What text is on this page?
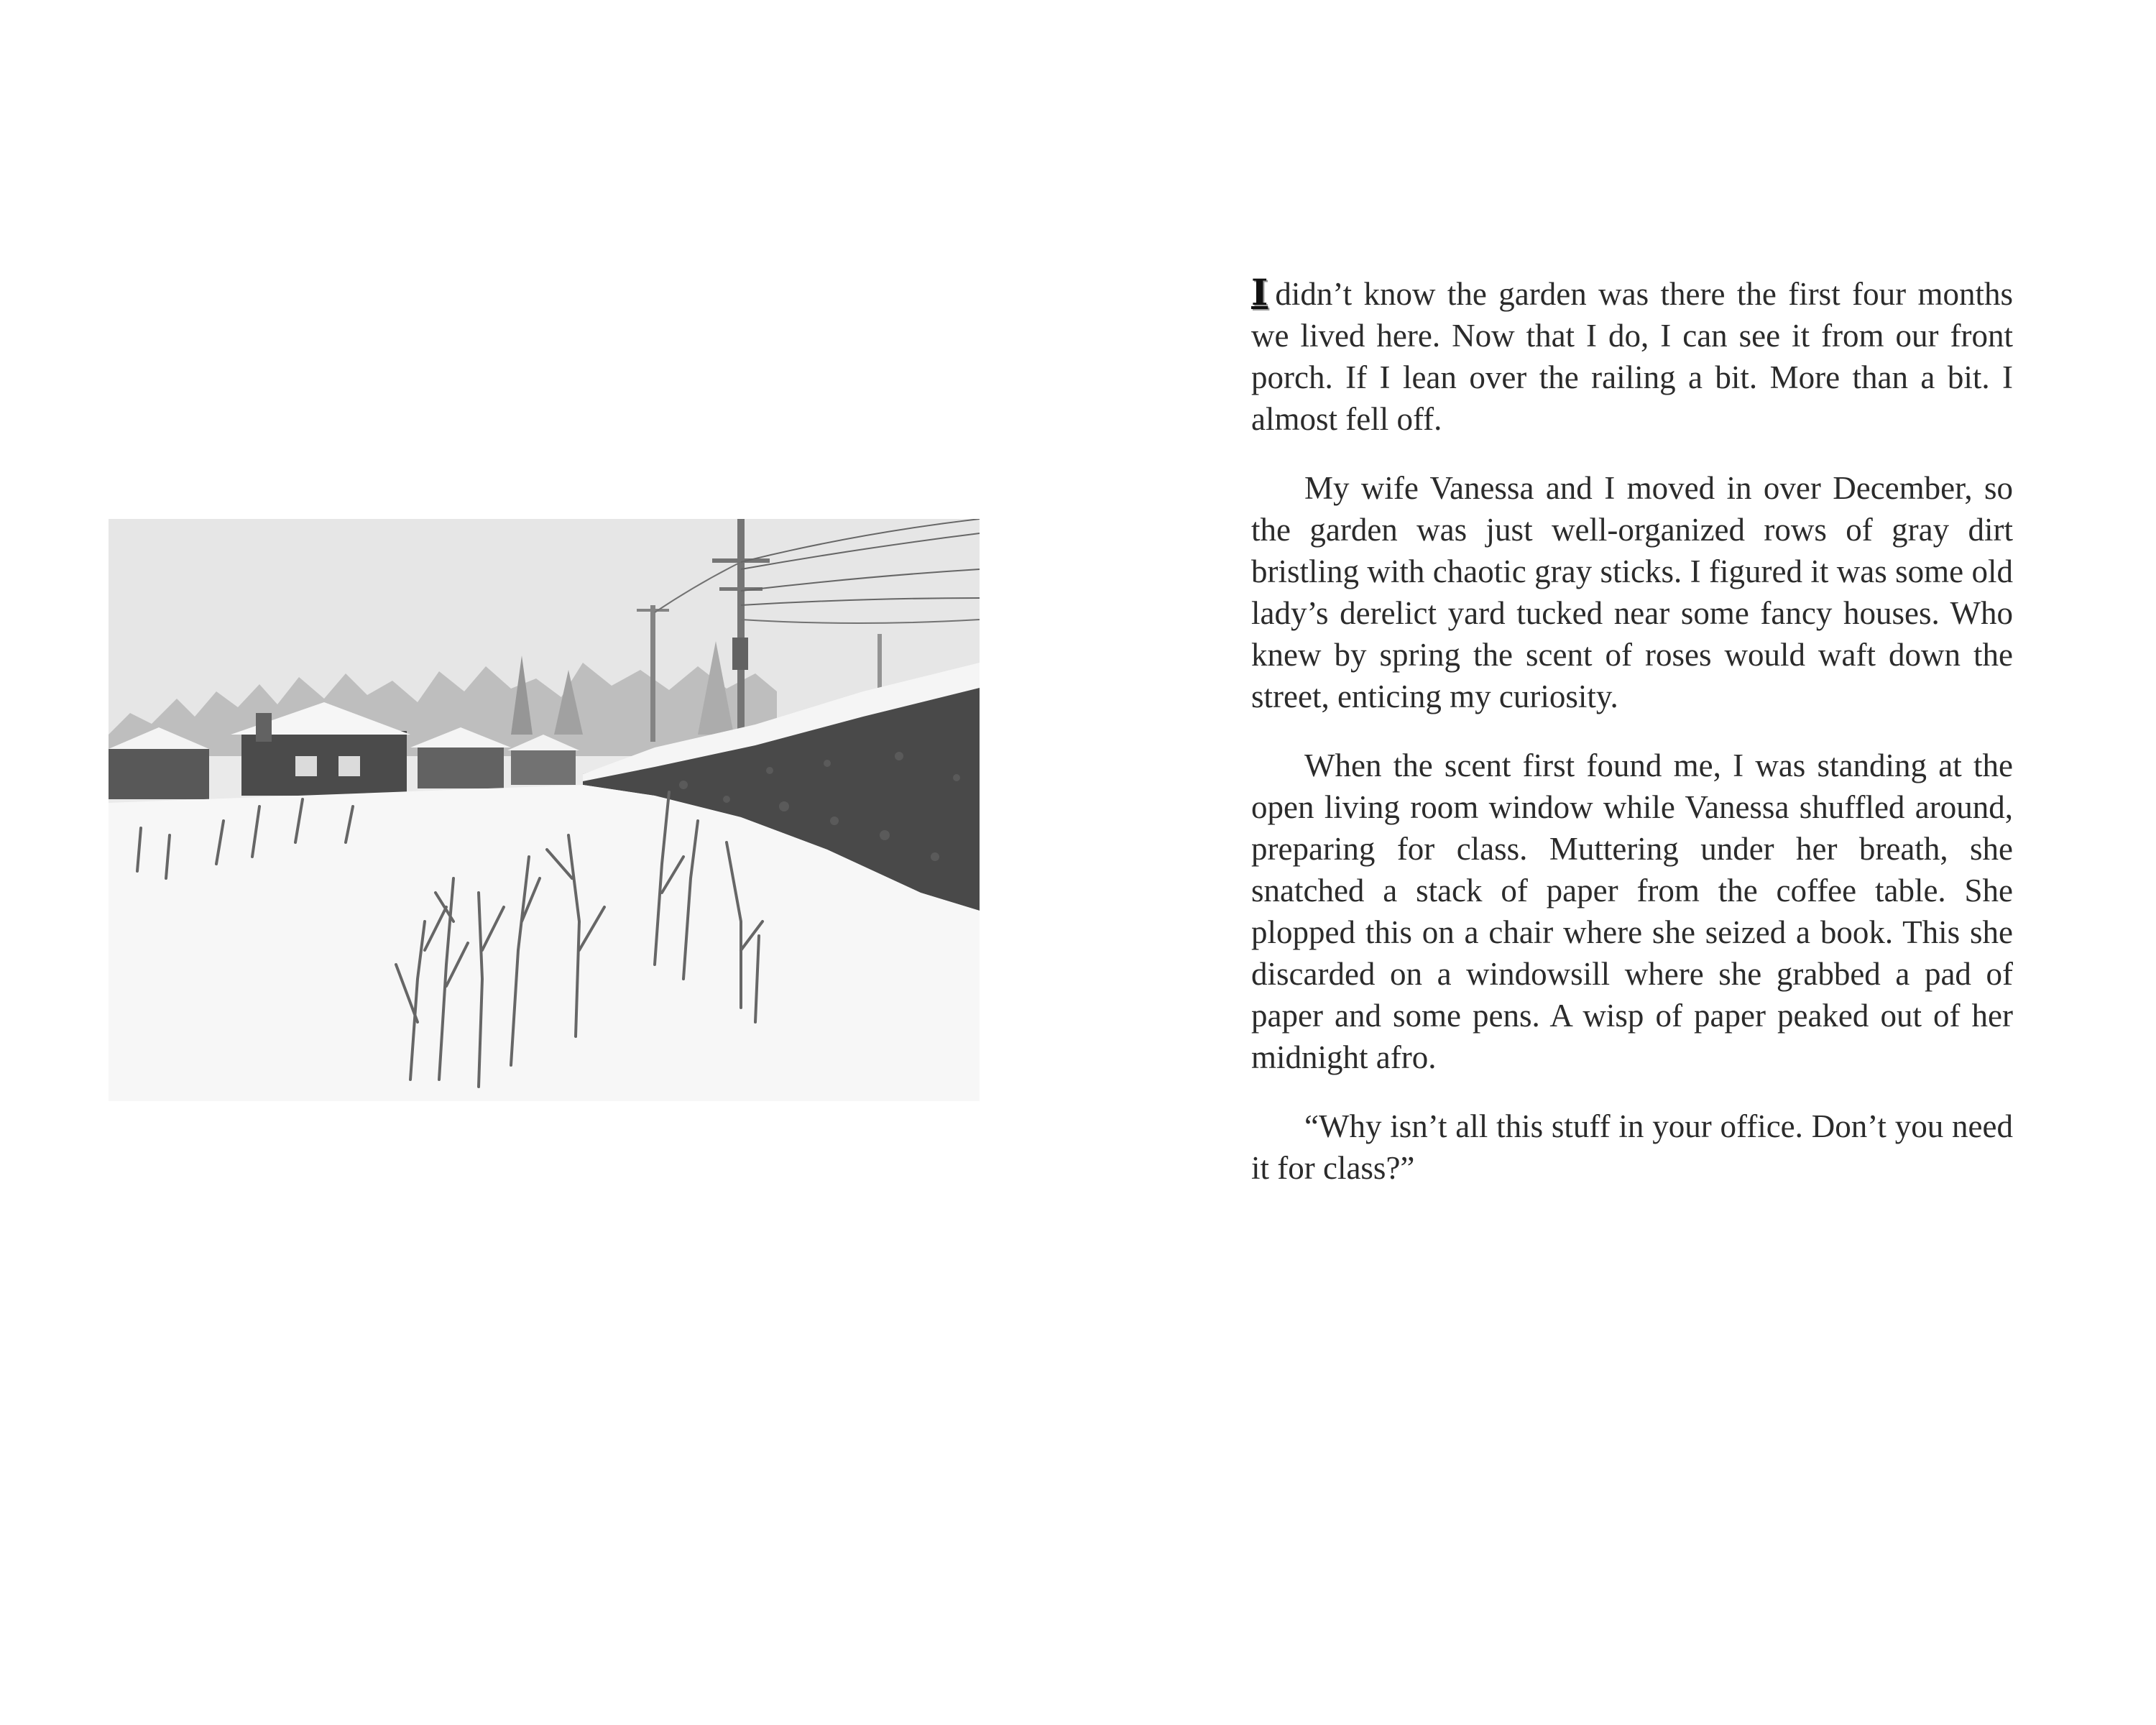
I didn’t know the garden was there the first four months we lived here. Now that I do, I can see it from our front porch. If I lean over the railing a bit. More than a bit. I almost fell off.

My wife Vanessa and I moved in over December, so the garden was just well-organized rows of gray dirt bristling with chaotic gray sticks. I figured it was some old lady’s derelict yard tucked near some fancy houses. Who knew by spring the scent of roses would waft down the street, enticing my curiosity.

When the scent first found me, I was standing at the open living room window while Vanessa shuffled around, preparing for class. Muttering under her breath, she snatched a stack of paper from the coffee table. She plopped this on a chair where she seized a book. This she discarded on a windowsill where she grabbed a pad of paper and some pens. A wisp of paper peaked out of her midnight afro.

“Why isn’t all this stuff in your office. Don’t you need it for class?”
